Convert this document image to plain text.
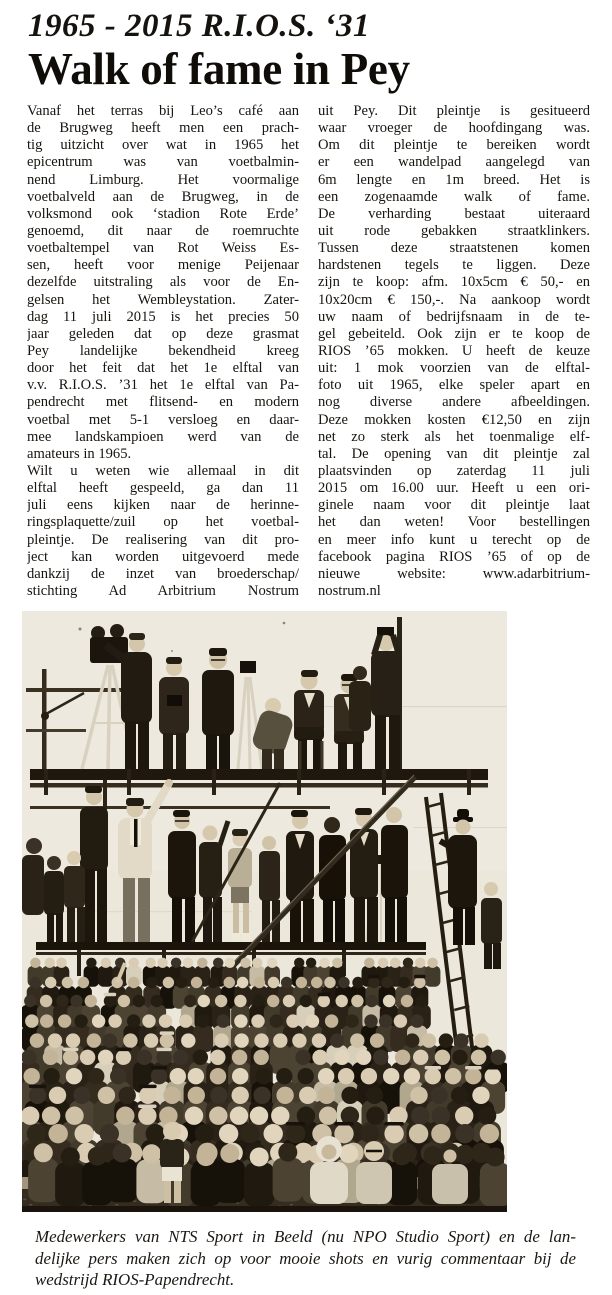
1965 - 2015 R.I.O.S. ‘31
Walk of fame in Pey
Vanaf het terras bij Leo’s café aan
de Brugweg heeft men een prach-
tig uitzicht over wat in 1965 het
epicentrum was van voetbalmin-
nend Limburg. Het voormalige
voetbalveld aan de Brugweg, in de
volksmond ook ‘stadion Rote Erde’
genoemd, dit naar de roemruchte
voetbaltempel van Rot Weiss Es-
sen, heeft voor menige Peijenaar
dezelfde uitstraling als voor de En-
gelsen het Wembleystation. Zater-
dag 11 juli 2015 is het precies 50
jaar geleden dat op deze grasmat
Pey landelijke bekendheid kreeg
door het feit dat het 1e elftal van
v.v. R.I.O.S. ’31 het 1e elftal van Pa-
pendrecht met flitsend- en modern
voetbal met 5-1 versloeg en daar-
mee landskampioen werd van de
amateurs in 1965.
Wilt u weten wie allemaal in dit
elftal heeft gespeeld, ga dan 11
juli eens kijken naar de herinne-
ringsplaquette/zuil op het voetbal-
pleintje. De realisering van dit pro-
ject kan worden uitgevoerd mede
dankzij de inzet van broederschap/
stichting Ad Arbitrium Nostrum
uit Pey. Dit pleintje is gesitueerd
waar vroeger de hoofdingang was.
Om dit pleintje te bereiken wordt
er een wandelpad aangelegd van
6m lengte en 1m breed. Het is
een zogenaamde walk of fame.
De verharding bestaat uiteraard
uit rode gebakken straatklinkers.
Tussen deze straatstenen komen
hardstenen tegels te liggen. Deze
zijn te koop: afm. 10x5cm € 50,- en
10x20cm € 150,-. Na aankoop wordt
uw naam of bedrijfsnaam in de te-
gel gebeiteld. Ook zijn er te koop de
RIOS ’65 mokken. U heeft de keuze
uit: 1 mok voorzien van de elftal-
foto uit 1965, elke speler apart en
nog diverse andere afbeeldingen.
Deze mokken kosten €12,50 en zijn
net zo sterk als het toenmalige elf-
tal. De opening van dit pleintje zal
plaatsvinden op zaterdag 11 juli
2015 om 16.00 uur. Heeft u een ori-
ginele naam voor dit pleintje laat
het dan weten! Voor bestellingen
en meer info kunt u terecht op de
facebook pagina RIOS ’65 of op de
nieuwe website: www.adarbitrium-
nostrum.nl
Medewerkers van NTS Sport in Beeld (nu NPO Studio Sport) en de lan-
delijke pers maken zich op voor mooie shots en vurig commentaar bij de
wedstrijd RIOS-Papendrecht.
